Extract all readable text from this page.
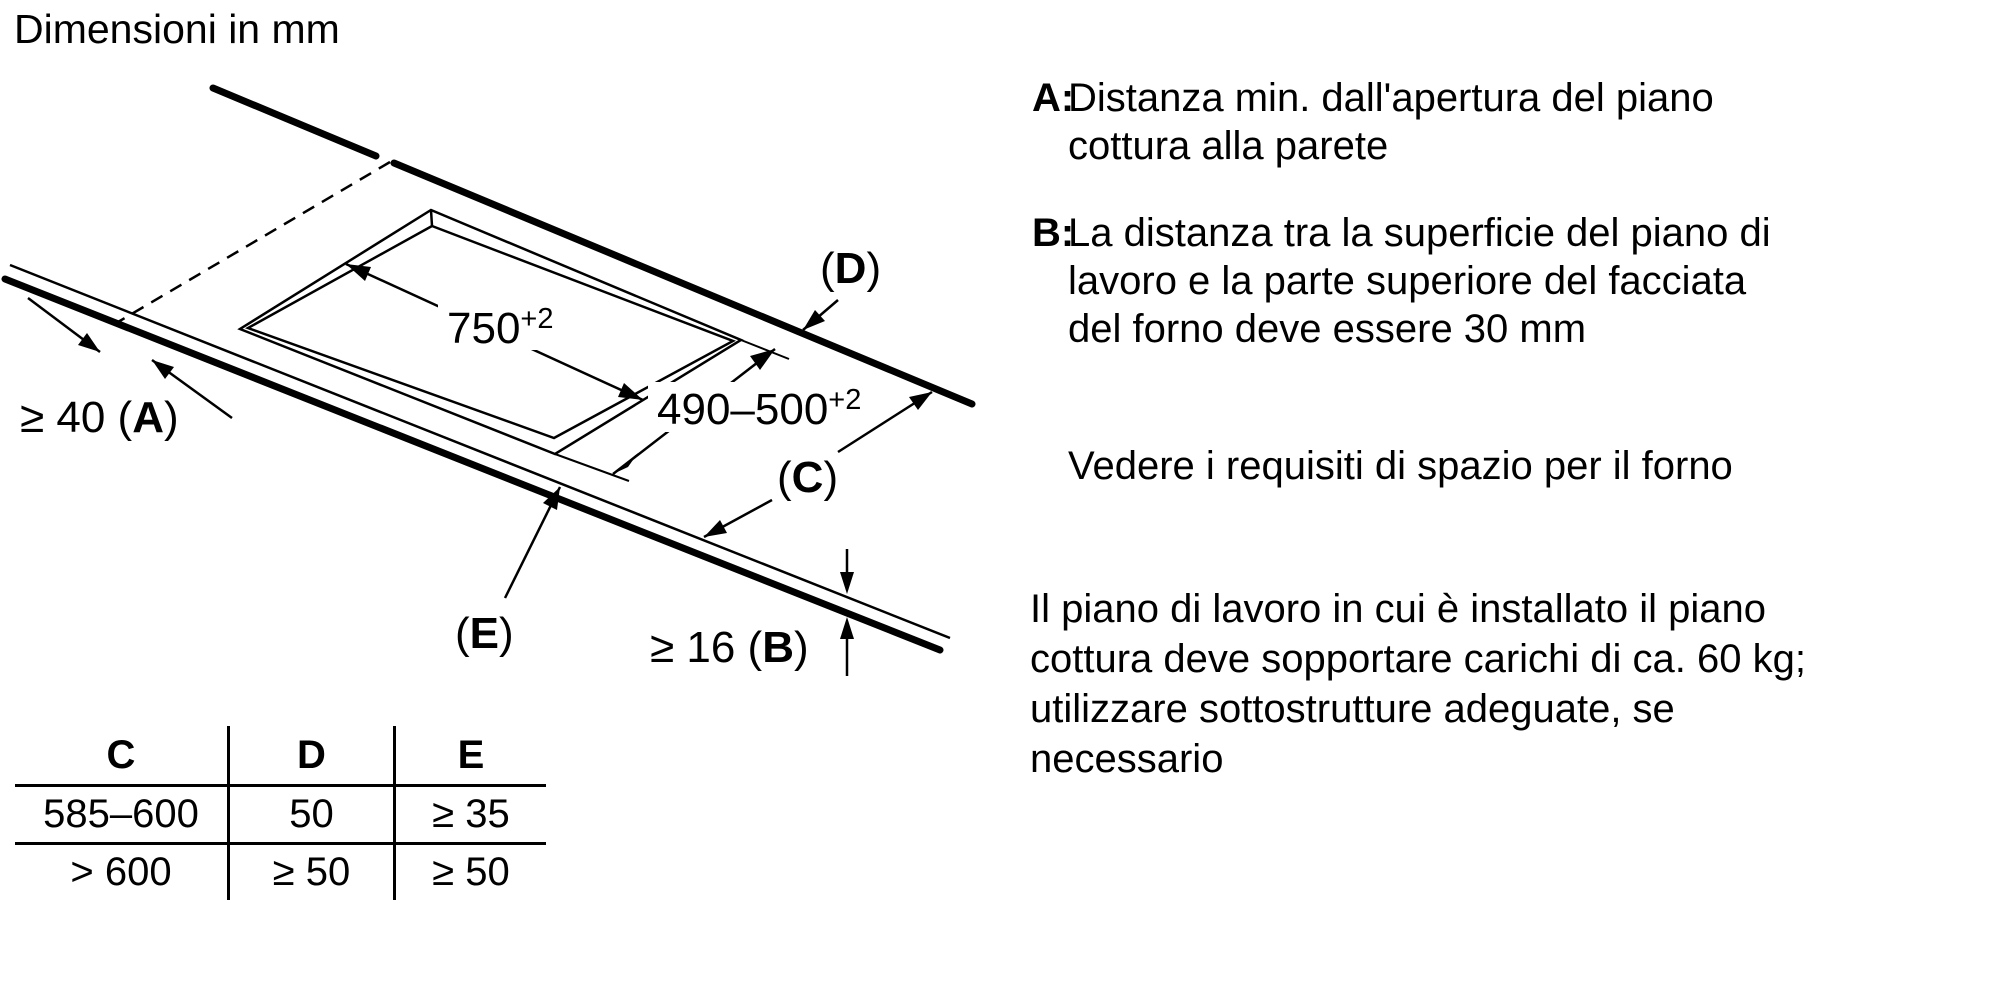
Dimensioni in mm
$750^{+2}$
$490-500^{+2}$
≥ 40 (A)
(D)
(C)
(E)	≥ 16 (B)
A:
Distanza min. dall'apertura del piano
cottura alla parete
B:
La distanza tra la superficie del piano di
lavoro e la parte superiore del facciata
del forno deve essere 30 mm
Vedere i requisiti di spazio per il forno
Il piano di lavoro in cui è installato il piano
cottura deve sopportare carichi di ca. 60 kg;
utilizzare sottostrutture adeguate, se
necessario
C	D	E
585–600	50	≥ 35
> 600	≥ 50	≥ 50
